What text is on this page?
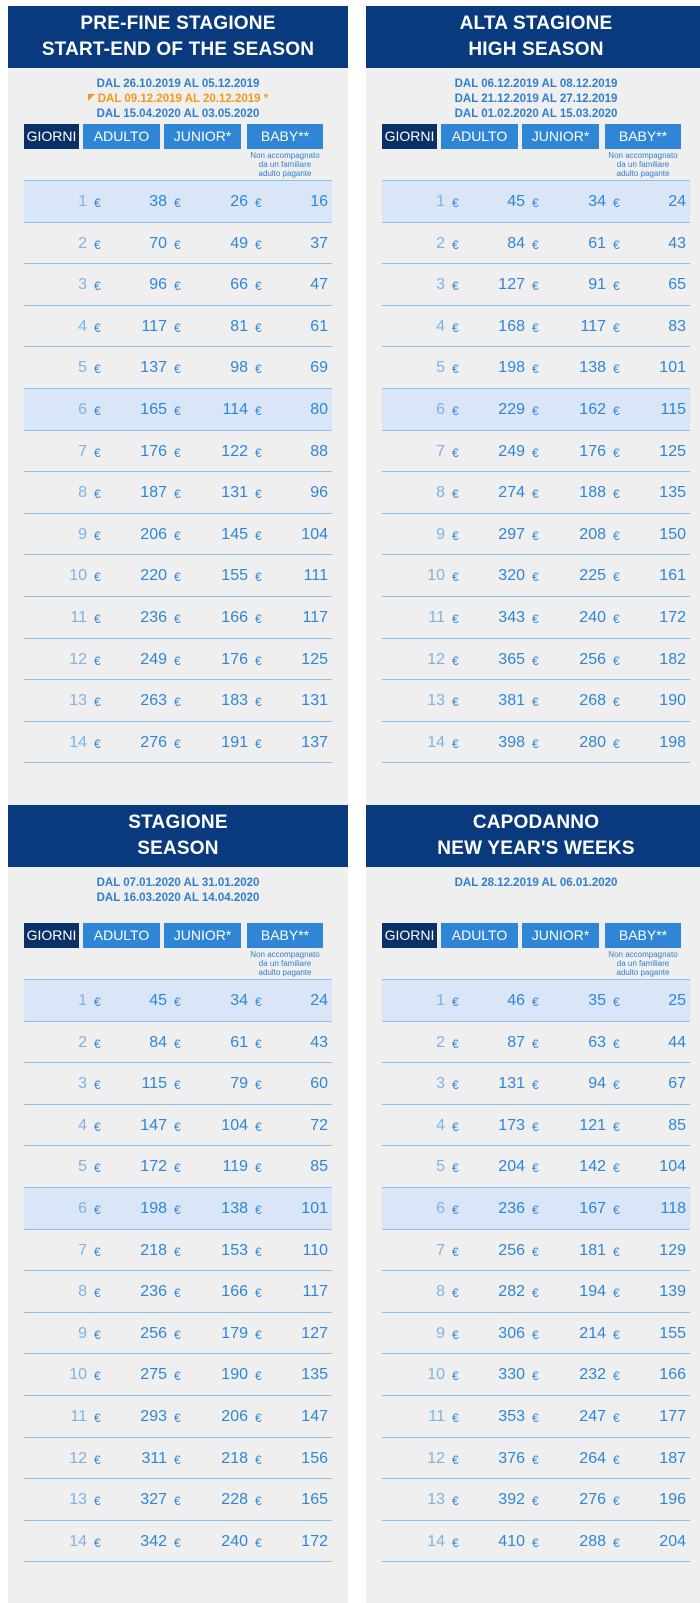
PRE-FINE STAGIONE
START-END OF THE SEASON
DAL 26.10.2019 AL 05.12.2019
DAL 09.12.2019 AL 20.12.2019 *
DAL 15.04.2020 AL 03.05.2020
GIORNI	ADULTO	JUNIOR*	BABY**
Non accompagnato da un familiare adulto pagante
1 €	38 €	26 €	16
2 €	70 €	49 €	37
3 €	96 €	66 €	47
4 €	117 €	81 €	61
5 € 137 €	98 €	69
6 € 165 €	114 €	80
7 € 176 €	122 €	88
8 € 187 €	131 €	96
9 € 206 €	145 € 104
10 € 220 €	155 €	111
11 € 236 €	166 €	117
12 € 249 €	176 € 125
13 € 263 €	183 € 131
14 € 276 €	191 € 137
ALTA STAGIONE
HIGH SEASON
DAL 06.12.2019 AL 08.12.2019
DAL 21.12.2019 AL 27.12.2019
DAL 01.02.2020 AL 15.03.2020
GIORNI	ADULTO	JUNIOR*	BABY**
Non accompagnato da un familiare adulto pagante
1 €	45 €	34 €	24
2 €	84 €	61 €	43
3 € 127 €	91 €	65
4 € 168 €	117 €	83
5 € 198 €	138 € 101
6 € 229 €	162 €	115
7 € 249 €	176 € 125
8 € 274 €	188 € 135
9 € 297 €	208 € 150
10 € 320 €	225 € 161
11 € 343 €	240 € 172
12 € 365 €	256 € 182
13 € 381 €	268 € 190
14 € 398 €	280 € 198
STAGIONE
SEASON
DAL 07.01.2020 AL 31.01.2020
DAL 16.03.2020 AL 14.04.2020
GIORNI	ADULTO	JUNIOR*	BABY**
Non accompagnato da un familiare adulto pagante
1 €	45 €	34 €	24
2 €	84 €	61 €	43
3 €	115 €	79 €	60
4 € 147 €	104 €	72
5 € 172 €	119 €	85
6 € 198 €	138 € 101
7 € 218 €	153 €	110
8 € 236 €	166 €	117
9 € 256 €	179 € 127
10 € 275 €	190 € 135
11 € 293 €	206 € 147
12 €	311 €	218 € 156
13 € 327 €	228 € 165
14 € 342 €	240 € 172
CAPODANNO
NEW YEAR'S WEEKS
DAL 28.12.2019 AL 06.01.2020
GIORNI	ADULTO	JUNIOR*	BABY**
Non accompagnato da un familiare adulto pagante
1 €	46 €	35 €	25
2 €	87 €	63 €	44
3 € 131 €	94 €	67
4 € 173 €	121 €	85
5 € 204 €	142 € 104
6 € 236 €	167 €	118
7 € 256 €	181 € 129
8 € 282 €	194 € 139
9 € 306 €	214 € 155
10 € 330 €	232 € 166
11 € 353 €	247 € 177
12 € 376 €	264 € 187
13 € 392 €	276 € 196
14 € 410 €	288 € 204
